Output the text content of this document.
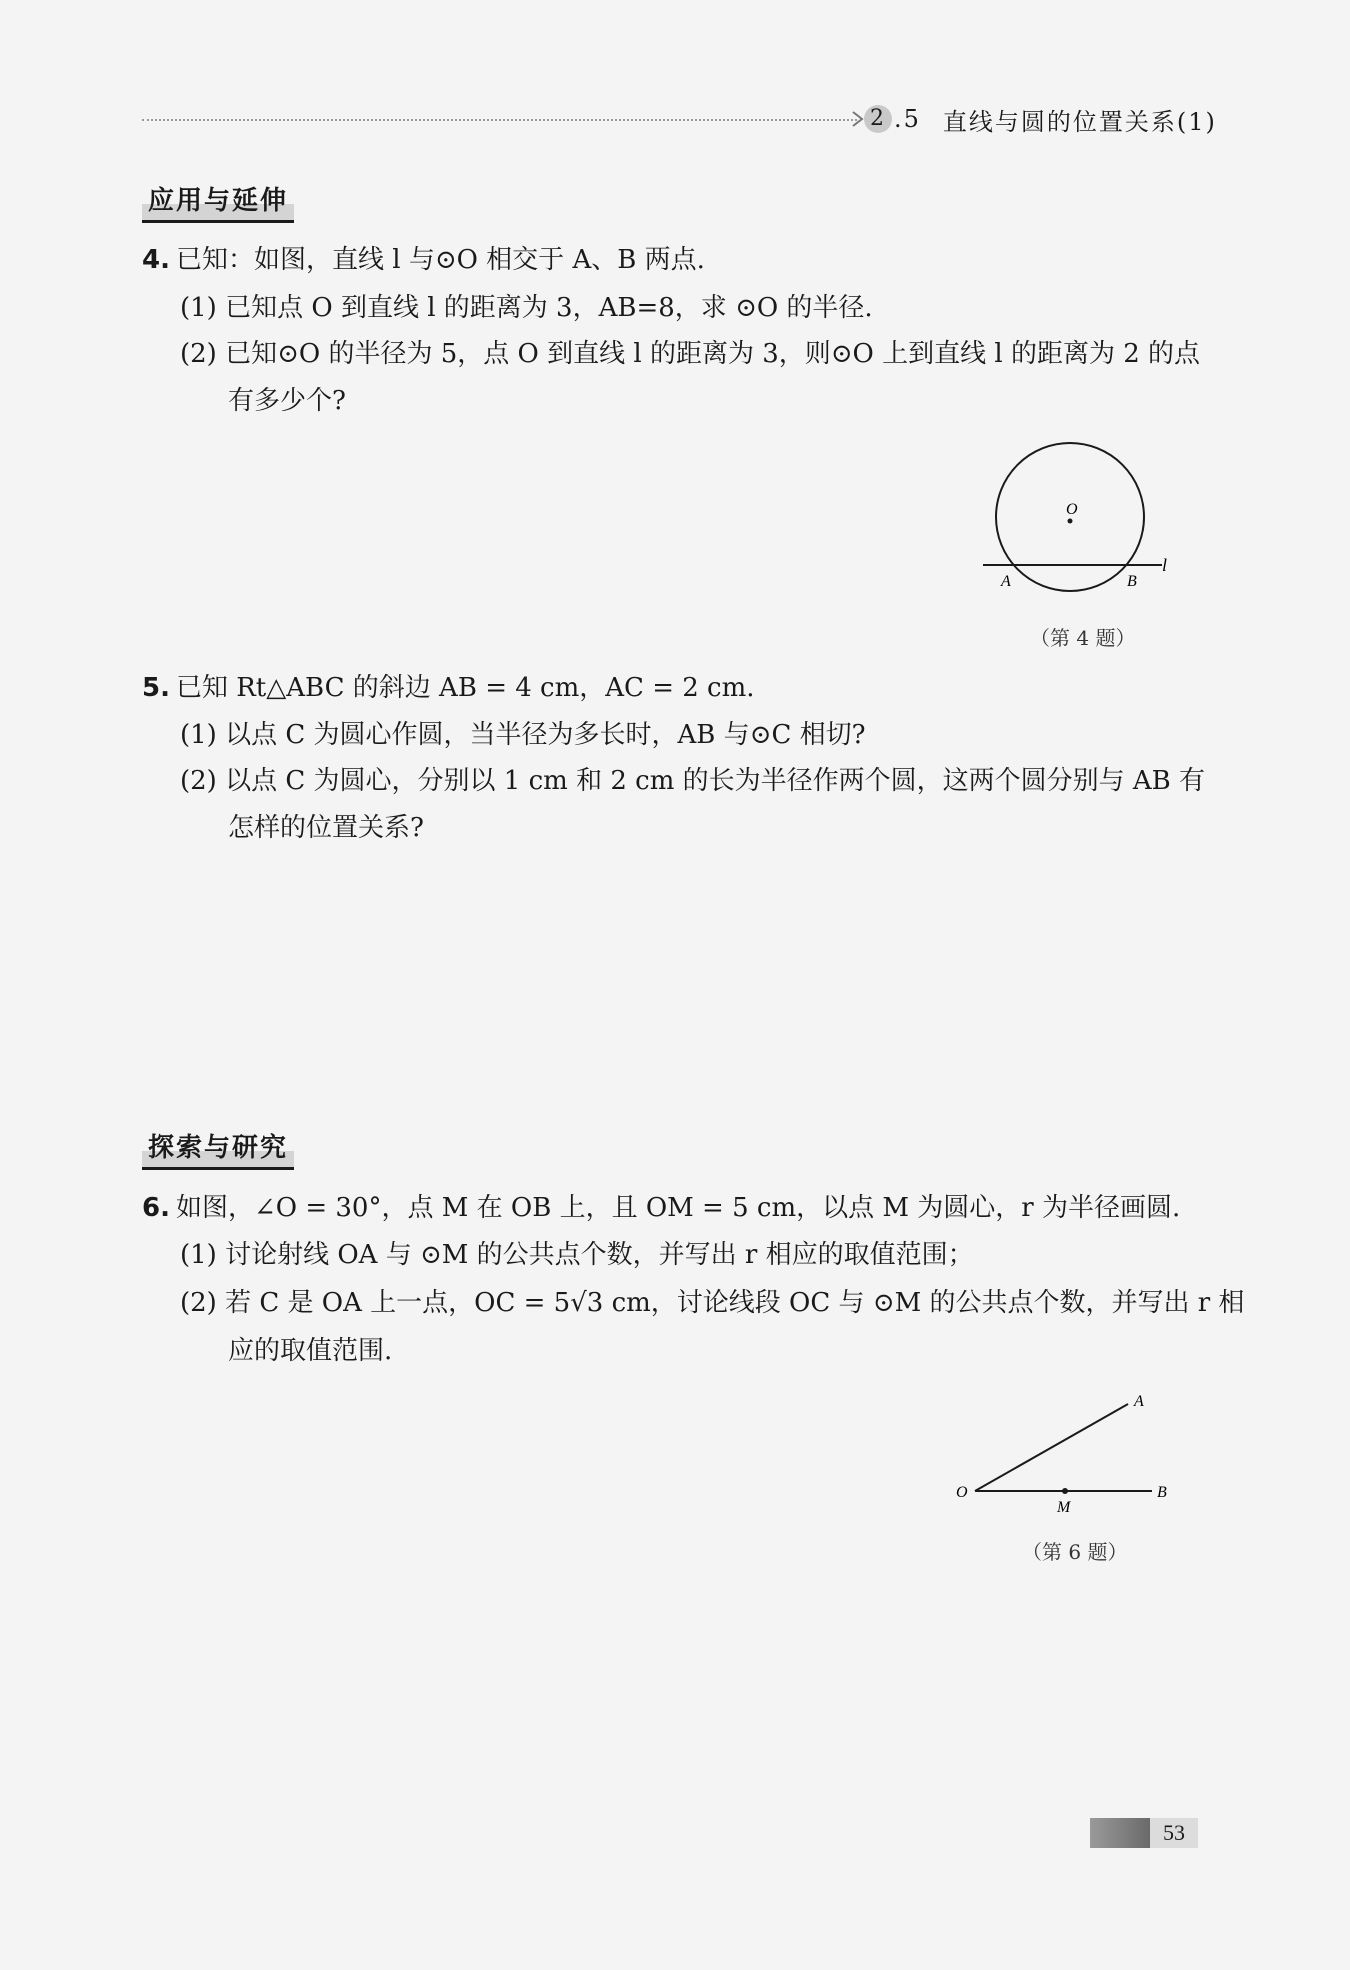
2 .5 直线与圆的位置关系(1)
应用与延伸
4. 已知：如图，直线 l 与⊙O 相交于 A、B 两点.
(1) 已知点 O 到直线 l 的距离为 3，AB=8，求 ⊙O 的半径.
(2) 已知⊙O 的半径为 5，点 O 到直线 l 的距离为 3，则⊙O 上到直线 l 的距离为 2 的点
有多少个?
O
A	B
l
（第 4 题）
5. 已知 Rt△ABC 的斜边 AB = 4 cm，AC = 2 cm.
(1) 以点 C 为圆心作圆，当半径为多长时，AB 与⊙C 相切?
(2) 以点 C 为圆心，分别以 1 cm 和 2 cm 的长为半径作两个圆，这两个圆分别与 AB 有
怎样的位置关系?
探索与研究
6. 如图，∠O = 30°，点 M 在 OB 上，且 OM = 5 cm，以点 M 为圆心，r 为半径画圆.
(1) 讨论射线 OA 与 ⊙M 的公共点个数，并写出 r 相应的取值范围；
(2) 若 C 是 OA 上一点，OC = 5√3 cm，讨论线段 OC 与 ⊙M 的公共点个数，并写出 r 相
应的取值范围.
O
A
B
M
（第 6 题）
53
